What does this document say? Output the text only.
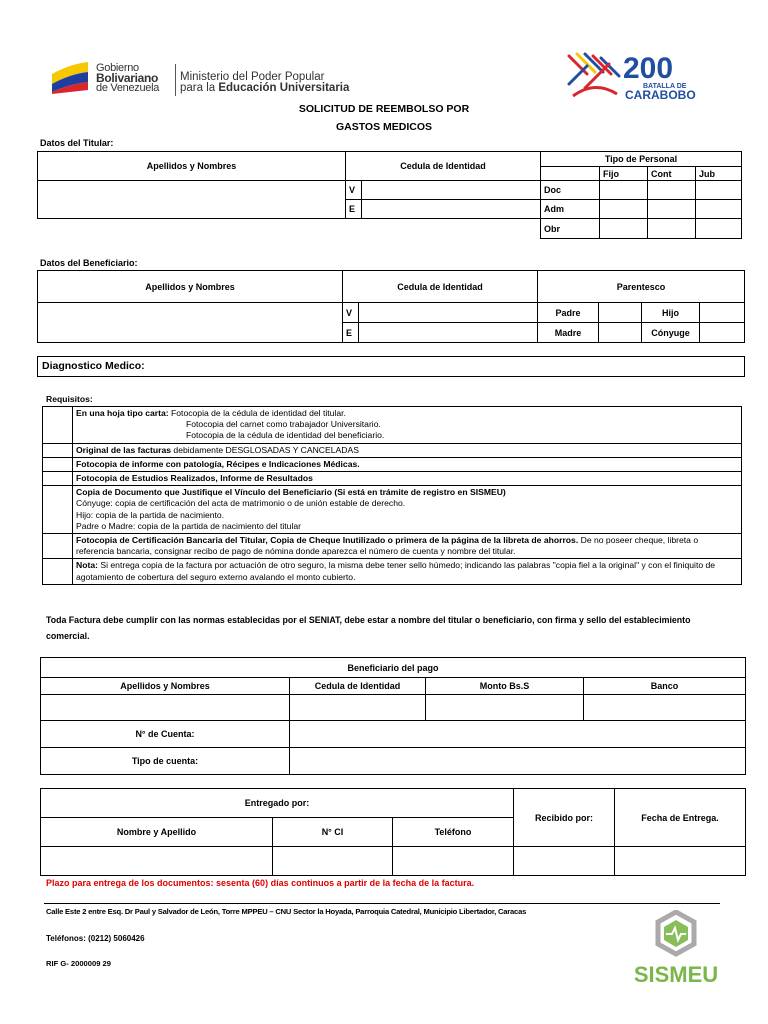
Gobierno
Bolivariano
de Venezuela
Ministerio del Poder Popular
para la Educación Universitaria
200
BATALLA DE
CARABOBO
SOLICITUD DE REEMBOLSO POR
GASTOS MEDICOS
Datos del Titular:
Apellidos y Nombres	Cedula de Identidad		Tipo de Personal			
				Fijo	Cont	Jub
	V		Doc			
	E		Adm			
			Obr			
Datos del Beneficiario:
Apellidos y Nombres	Cedula de Identidad		Parentesco			
	V		Padre		Hijo	
	E		Madre		Cónyuge	
Diagnostico Medico:
Requisitos:

	En una hoja tipo carta: Fotocopia de la cédula de identidad del titular.
Fotocopia del carnet como trabajador Universitario.
Fotocopia de la cédula de identidad del beneficiario.

	Original de las facturas debidamente DESGLOSADAS Y CANCELADAS
	Fotocopia de informe con patología, Récipes e Indicaciones Médicas.
	Fotocopia de Estudios Realizados, Informe de Resultados

	Copia de Documento que Justifique el Vínculo del Beneficiario (Si está en trámite de registro en SISMEU)
Cónyuge: copia de certificación del acta de matrimonio o de unión estable de derecho.
Hijo: copia de la partida de nacimiento.
Padre o Madre: copia de la partida de nacimiento del titular

	Fotocopia de Certificación Bancaria del Titular, Copia de Cheque Inutilizado o primera de la página de la libreta de ahorros. De no poseer cheque, libreta o referencia bancaria, consignar recibo de pago de nómina donde aparezca el número de cuenta y nombre del titular.
	Nota: Si entrega copia de la factura por actuación de otro seguro, la misma debe tener sello húmedo; indicando las palabras "copia fiel a la original" y con el finiquito de agotamiento de cobertura del seguro externo avalando el monto cubierto.
Toda Factura debe cumplir con las normas establecidas por el SENIAT, debe estar a nombre del titular o beneficiario, con firma y sello del establecimiento comercial.
Beneficiario del pago			
Apellidos y Nombres	Cedula de Identidad	Monto Bs.S	Banco

N° de Cuenta:			
Tipo de cuenta:			
Entregado por:			Recibido por:	Fecha de Entrega.
Nombre y Apellido	N° CI	Teléfono		

Plazo para entrega de los documentos: sesenta (60) días continuos a partir de la fecha de la factura.
Calle Este 2 entre Esq. Dr Paul y Salvador de León, Torre MPPEU – CNU Sector la Hoyada, Parroquia Catedral, Municipio Libertador, Caracas
Teléfonos: (0212) 5060426
RIF G- 2000009 29	SISMEU
